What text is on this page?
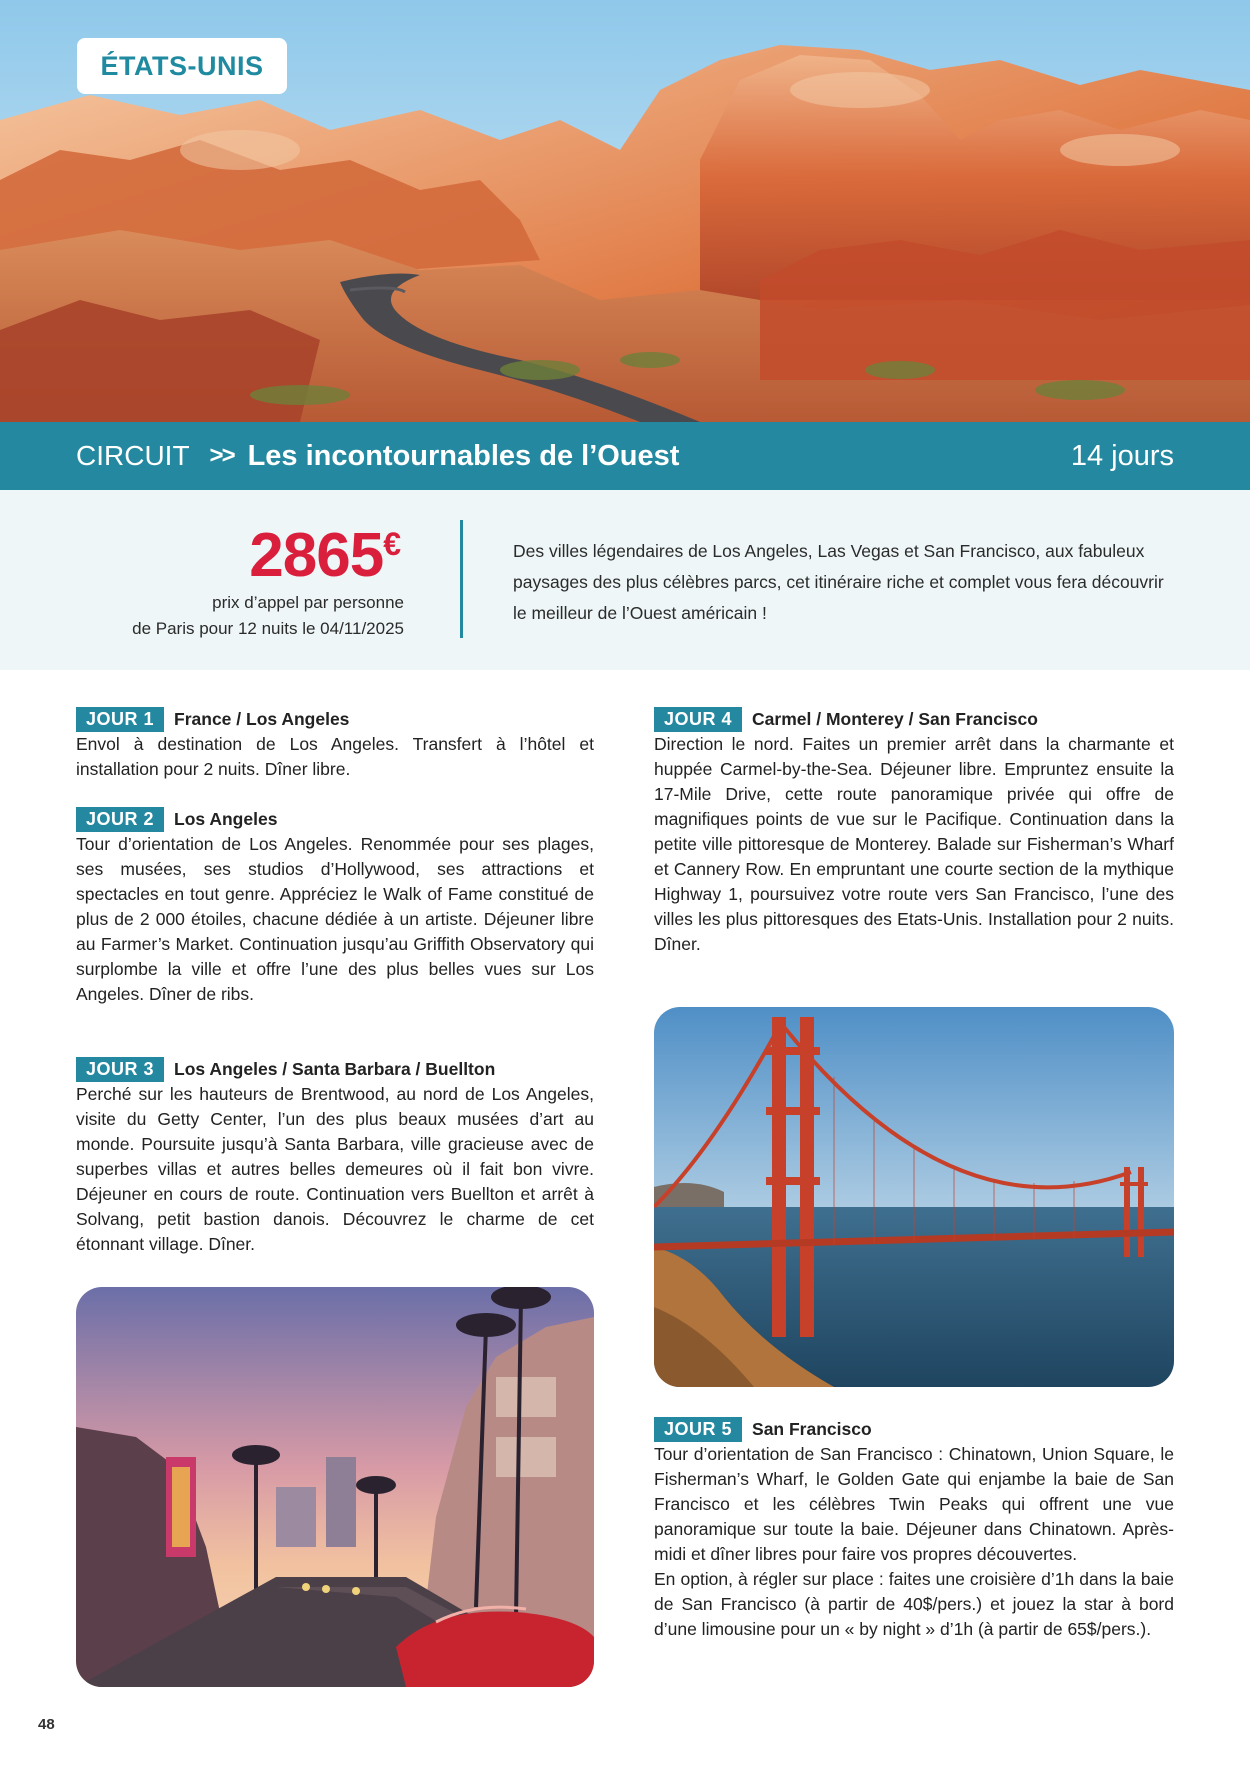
ÉTATS-UNIS
CIRCUIT >> Les incontournables de l’Ouest	14 jours
2865€
prix d’appel par personne
de Paris pour 12 nuits le 04/11/2025
Des villes légendaires de Los Angeles, Las Vegas et San Francisco, aux fabuleux paysages des plus célèbres parcs, cet itinéraire riche et complet vous fera découvrir le meilleur de l’Ouest américain !
JOUR 1	France / Los Angeles
Envol à destination de Los Angeles. Transfert à l’hôtel et installation pour 2 nuits. Dîner libre.
JOUR 2	Los Angeles
Tour d’orientation de Los Angeles. Renommée pour ses plages, ses musées, ses studios d’Hollywood, ses attractions et spectacles en tout genre. Appréciez le Walk of Fame constitué de plus de 2 000 étoiles, chacune dédiée à un artiste. Déjeuner libre au Farmer’s Market. Continuation jusqu’au Griffith Observatory qui surplombe la ville et offre l’une des plus belles vues sur Los Angeles. Dîner de ribs.
JOUR 3	Los Angeles / Santa Barbara / Buellton
Perché sur les hauteurs de Brentwood, au nord de Los Angeles, visite du Getty Center, l’un des plus beaux musées d’art au monde. Poursuite jusqu’à Santa Barbara, ville gracieuse avec de superbes villas et autres belles demeures où il fait bon vivre. Déjeuner en cours de route. Continuation vers Buellton et arrêt à Solvang, petit bastion danois. Découvrez le charme de cet étonnant village. Dîner.
JOUR 4	Carmel / Monterey / San Francisco
Direction le nord. Faites un premier arrêt dans la charmante et huppée Carmel-by-the-Sea. Déjeuner libre. Empruntez ensuite la 17-Mile Drive, cette route panoramique privée qui offre de magnifiques points de vue sur le Pacifique. Continuation dans la petite ville pittoresque de Monterey. Balade sur Fisherman’s Wharf et Cannery Row. En empruntant une courte section de la mythique Highway 1, poursuivez votre route vers San Francisco, l’une des villes les plus pittoresques des Etats-Unis. Installation pour 2 nuits. Dîner.
JOUR 5	San Francisco
Tour d’orientation de San Francisco : Chinatown, Union Square, le Fisherman’s Wharf, le Golden Gate qui enjambe la baie de San Francisco et les célèbres Twin Peaks qui offrent une vue panoramique sur toute la baie. Déjeuner dans Chinatown. Après-midi et dîner libres pour faire vos propres découvertes.
En option, à régler sur place : faites une croisière d’1h dans la baie de San Francisco (à partir de 40$/pers.) et jouez la star à bord d’une limousine pour un « by night » d’1h (à partir de 65$/pers.).
48
